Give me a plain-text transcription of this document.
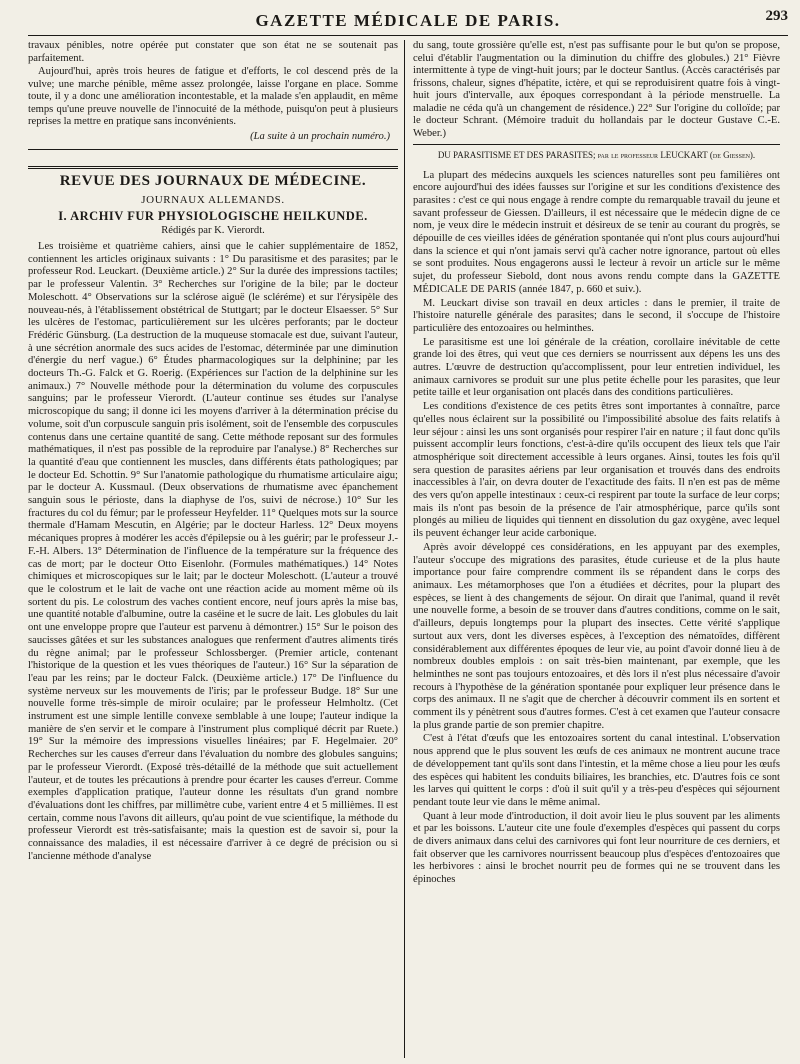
GAZETTE MÉDICALE DE PARIS.	293

travaux pénibles, notre opérée put constater que son état ne se soutenait pas parfaitement.

Aujourd'hui, après trois heures de fatigue et d'efforts, le col descend près de la vulve; une marche pénible, même assez prolongée, laisse l'organe en place. Somme toute, il y a donc une amélioration incontestable, et la malade s'en applaudit, en même temps qu'une preuve nouvelle de l'innocuité de la méthode, puisqu'on peut à plusieurs reprises la mettre en pratique sans inconvénients.

(La suite à un prochain numéro.)
REVUE DES JOURNAUX DE MÉDECINE.
JOURNAUX ALLEMANDS.
I. ARCHIV FUR PHYSIOLOGISCHE HEILKUNDE.
Rédigés par K. Vierordt.

Les troisième et quatrième cahiers, ainsi que le cahier supplémentaire de 1852, contiennent les articles originaux suivants : 1° Du parasitisme et des parasites; par le professeur Rod. Leuckart. (Deuxième article.) 2° Sur la durée des impressions tactiles; par le professeur Valentin. 3° Recherches sur l'origine de la bile; par le docteur Moleschott. 4° Observations sur la sclérose aiguë (le scléréme) et sur l'érysipèle des nouveau-nés, à l'établissement obstétrical de Stuttgart; par le docteur Elsaesser. 5° Sur les ulcères de l'estomac, particulièrement sur les ulcères perforants; par le docteur Frédéric Günsburg. (La destruction de la muqueuse stomacale est due, suivant l'auteur, à une sécrétion anormale des sucs acides de l'estomac, déterminée par une diminution d'énergie du nerf vague.) 6° Études pharmacologiques sur la delphinine; par les docteurs Th.-G. Falck et G. Roerig. (Expériences sur l'action de la delphinine sur les animaux.) 7° Nouvelle méthode pour la détermination du volume des corpuscules sanguins; par le professeur Vierordt. (L'auteur continue ses études sur l'analyse microscopique du sang; il donne ici les moyens d'arriver à la détermination précise du volume, soit d'un corpuscule sanguin pris isolément, soit de l'ensemble des corpuscules contenus dans une certaine quantité de sang. Cette méthode reposant sur des formules mathématiques, il n'est pas possible de la reproduire par l'analyse.) 8° Recherches sur la quantité d'eau que contiennent les muscles, dans différents états pathologiques; par le docteur Ed. Schottin. 9° Sur l'anatomie pathologique du rhumatisme articulaire aigu; par le docteur A. Kussmaul. (Deux observations de rhumatisme avec épanchement sanguin sous le périoste, dans la diaphyse de l'os, suivi de nécrose.) 10° Sur les fractures du col du fémur; par le professeur Heyfelder. 11° Quelques mots sur la source thermale d'Hamam Mescutin, en Algérie; par le docteur Harless. 12° Deux moyens mécaniques propres à modérer les accès d'épilepsie ou à les guérir; par le professeur J.-F.-H. Albers. 13° Détermination de l'influence de la température sur la fréquence des cas de mort; par le docteur Otto Eisenlohr. (Formules mathématiques.) 14° Notes chimiques et microscopiques sur le lait; par le docteur Moleschott. (L'auteur a trouvé que le colostrum et le lait de vache ont une réaction acide au moment même où ils sortent du pis. Le colostrum des vaches contient encore, neuf jours après la mise bas, une quantité notable d'albumine, outre la caséine et le sucre de lait. Les globules du lait ont une enveloppe propre que l'auteur est parvenu à démontrer.) 15° Sur le poison des saucisses gâtées et sur les substances analogues que renferment d'autres aliments tirés du règne animal; par le professeur Schlossberger. (Premier article, contenant l'historique de la question et les vues théoriques de l'auteur.) 16° Sur la séparation de l'eau par les reins; par le docteur Falck. (Deuxième article.) 17° De l'influence du système nerveux sur les mouvements de l'iris; par le professeur Budge. 18° Sur une nouvelle forme très-simple de miroir oculaire; par le professeur Helmholtz. (Cet instrument est une simple lentille convexe semblable à une loupe; l'auteur indique la manière de s'en servir et le compare à l'instrument plus compliqué décrit par Ruete.) 19° Sur la mémoire des impressions visuelles linéaires; par F. Hegelmaier. 20° Recherches sur les causes d'erreur dans l'évaluation du nombre des globules sanguins; par le professeur Vierordt. (Exposé très-détaillé de la méthode que suit actuellement l'auteur, et de toutes les précautions à prendre pour écarter les causes d'erreur. Comme exemples d'application pratique, l'auteur donne les résultats d'un grand nombre d'évaluations dont les chiffres, par millimètre cube, varient entre 4 et 5 millièmes. Il est certain, comme nous l'avons dit ailleurs, qu'au point de vue scientifique, la méthode du professeur Vierordt est très-satisfaisante; mais la question est de savoir si, pour la connaissance des maladies, il est nécessaire d'arriver à ce degré de précision ou si l'ancienne méthode d'analyse

du sang, toute grossière qu'elle est, n'est pas suffisante pour le but qu'on se propose, celui d'établir l'augmentation ou la diminution du chiffre des globules.) 21° Fièvre intermittente à type de vingt-huit jours; par le docteur Santlus. (Accès caractérisés par frissons, chaleur, signes d'hépatite, ictère, et qui se reproduisirent quatre fois à vingt-huit jours d'intervalle, aux époques correspondant à la période menstruelle. La maladie ne céda qu'à un changement de résidence.) 22° Sur l'origine du colloïde; par le docteur Schrant. (Mémoire traduit du hollandais par le docteur Gustave C.-E. Weber.)

DU PARASITISME ET DES PARASITES; par le professeur LEUCKART (de Giessen).

La plupart des médecins auxquels les sciences naturelles sont peu familières ont encore aujourd'hui des idées fausses sur l'origine et sur les conditions d'existence des parasites : c'est ce qui nous engage à rendre compte du remarquable travail du jeune et savant professeur de Giessen. D'ailleurs, il est nécessaire que le médecin digne de ce nom, je veux dire le médecin instruit et désireux de se tenir au courant du progrès, se dépouille de ces vieilles idées de génération spontanée qui n'ont plus cours aujourd'hui dans la science et qui n'ont jamais servi qu'à cacher notre ignorance, partout où elles se sont produites. Nous engagerons aussi le lecteur à revoir un article sur le même sujet, du professeur Siebold, dont nous avons rendu compte dans la GAZETTE MÉDICALE DE PARIS (année 1847, p. 660 et suiv.).

M. Leuckart divise son travail en deux articles : dans le premier, il traite de l'histoire naturelle générale des parasites; dans le second, il s'occupe de l'histoire particulière des entozoaires ou helminthes.

Le parasitisme est une loi générale de la création, corollaire inévitable de cette grande loi des êtres, qui veut que ces derniers se nourrissent aux dépens les uns des autres. L'œuvre de destruction qu'accomplissent, pour leur entretien individuel, les animaux carnivores se produit sur une plus petite échelle pour les parasites, que leur petite taille et leur organisation ont placés dans des conditions particulières.

Les conditions d'existence de ces petits êtres sont importantes à connaître, parce qu'elles nous éclairent sur la possibilité ou l'impossibilité absolue des faits relatifs à leur séjour : ainsi les uns sont organisés pour respirer l'air en nature ; il faut donc qu'ils puissent accomplir leurs fonctions, c'est-à-dire qu'ils occupent des lieux tels que l'air atmosphérique soit directement accessible à leurs organes. Ainsi, toutes les fois qu'il sera question de parasites aériens par leur organisation et trouvés dans des endroits inaccessibles à l'air, on devra douter de l'exactitude des faits. Il n'en est pas de même des vers qu'on appelle intestinaux : ceux-ci respirent par toute la surface de leur corps; mais ils n'ont pas besoin de la présence de l'air atmosphérique, parce qu'ils sont plongés au milieu de liquides qui tiennent en dissolution du gaz oxygène, avec lequel ils peuvent échanger leur acide carbonique.

Après avoir développé ces considérations, en les appuyant par des exemples, l'auteur s'occupe des migrations des parasites, étude curieuse et de la plus haute importance pour faire comprendre comment ils se répandent dans le corps des animaux. Les métamorphoses que l'on a étudiées et décrites, pour la plupart des espèces, se lient à des changements de séjour. On dirait que l'animal, quand il revêt une nouvelle forme, a besoin de se trouver dans d'autres conditions, comme on le sait, d'ailleurs, depuis longtemps pour la plupart des insectes. Cette vérité s'applique surtout aux vers, dont les diverses espèces, à l'exception des nématoïdes, diffèrent considérablement aux différentes époques de leur vie, au point d'avoir donné lieu à de nombreux doubles emplois : on sait très-bien maintenant, par exemple, que les helminthes ne sont pas toujours entozoaires, et dès lors il n'est plus nécessaire d'avoir recours à l'hypothèse de la génération spontanée pour expliquer leur présence dans le corps des animaux. Il ne s'agit que de chercher à découvrir comment ils en sortent et comment ils y pénètrent sous d'autres formes. C'est à cet examen que l'auteur consacre la plus grande partie de son premier chapitre.

C'est à l'état d'œufs que les entozoaires sortent du canal intestinal. L'observation nous apprend que le plus souvent les œufs de ces animaux ne montrent aucune trace de développement tant qu'ils sont dans l'intestin, et la même chose a lieu pour les œufs des espèces qui habitent les conduits biliaires, les branchies, etc. D'autres fois ce sont les larves qui quittent le corps : d'où il suit qu'il y a très-peu d'espèces qui séjournent pendant toute leur vie dans le même animal.

Quant à leur mode d'introduction, il doit avoir lieu le plus souvent par les aliments et par les boissons. L'auteur cite une foule d'exemples d'espèces qui passent du corps de divers animaux dans celui des carnivores qui font leur nourriture de ces derniers, et fait observer que les carnivores nourrissent beaucoup plus d'espèces d'entozoaires que les herbivores : ainsi le brochet nourrit peu de formes qui ne se trouvent dans les épinoches
